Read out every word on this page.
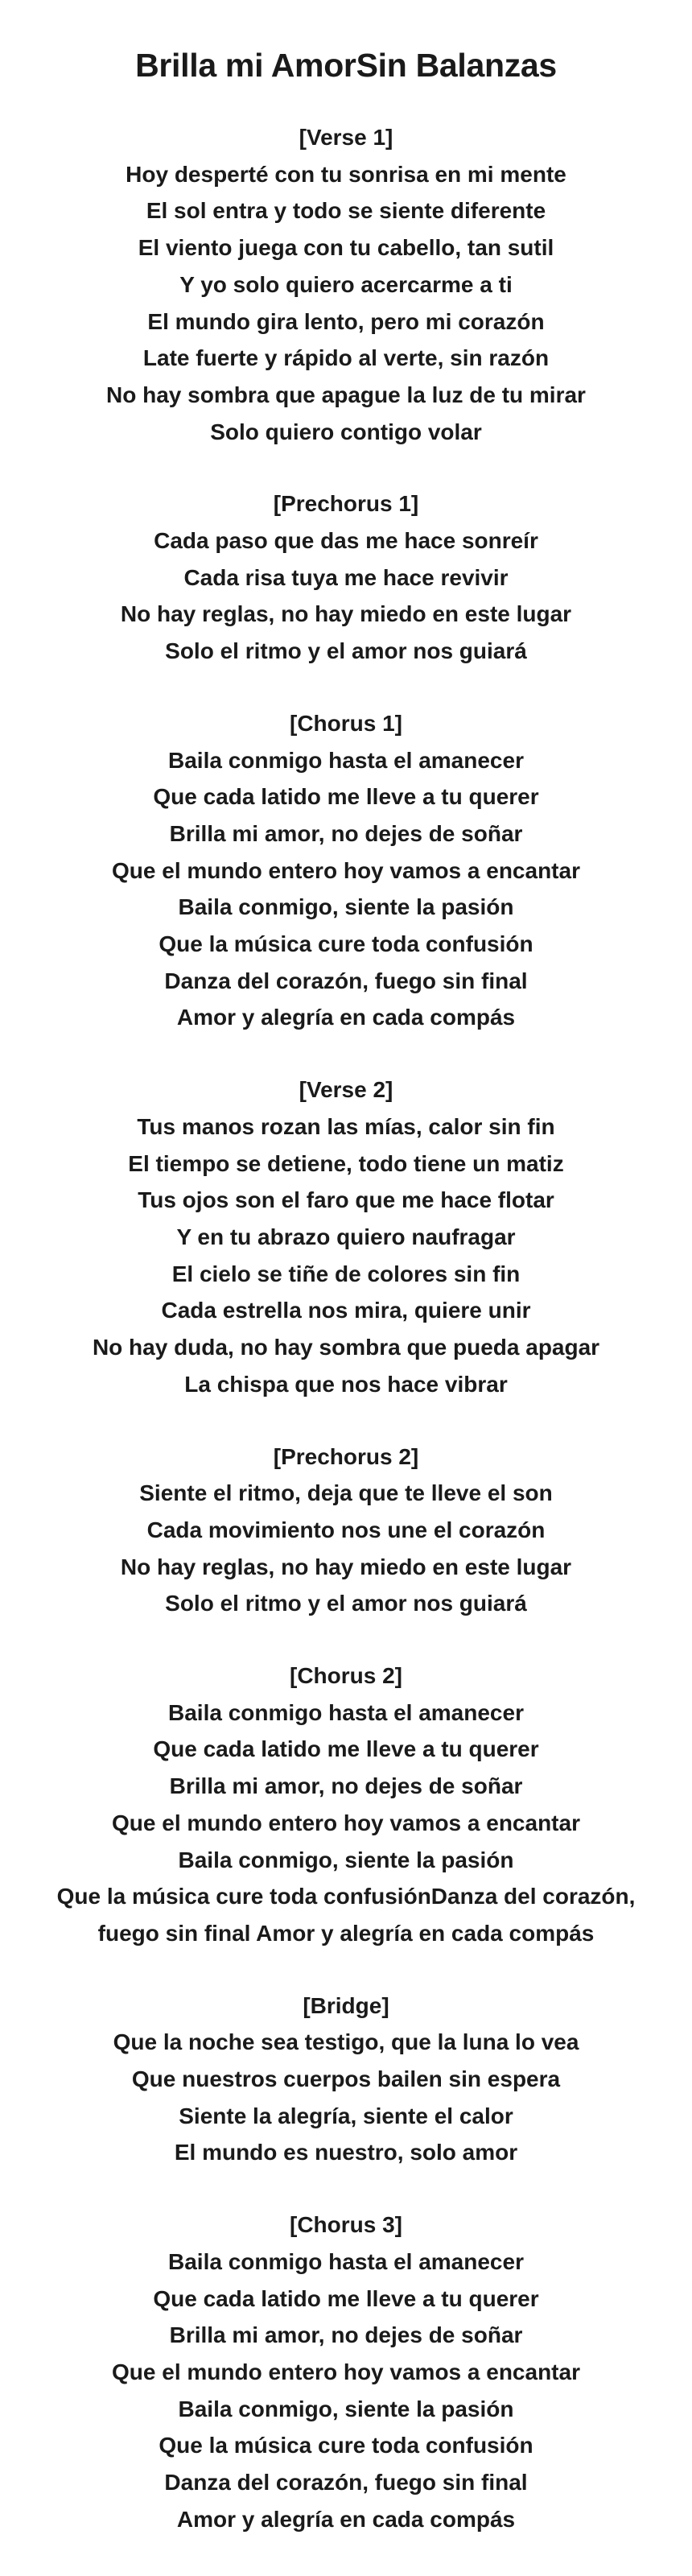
Brilla mi AmorSin Balanzas
[Verse 1]
Hoy desperté con tu sonrisa en mi mente
El sol entra y todo se siente diferente
El viento juega con tu cabello, tan sutil
Y yo solo quiero acercarme a ti
El mundo gira lento, pero mi corazón
Late fuerte y rápido al verte, sin razón
No hay sombra que apague la luz de tu mirar
Solo quiero contigo volar
[Prechorus 1]
Cada paso que das me hace sonreír
Cada risa tuya me hace revivir
No hay reglas, no hay miedo en este lugar
Solo el ritmo y el amor nos guiará
[Chorus 1]
Baila conmigo hasta el amanecer
Que cada latido me lleve a tu querer
Brilla mi amor, no dejes de soñar
Que el mundo entero hoy vamos a encantar
Baila conmigo, siente la pasión
Que la música cure toda confusión
Danza del corazón, fuego sin final
Amor y alegría en cada compás
[Verse 2]
Tus manos rozan las mías, calor sin fin
El tiempo se detiene, todo tiene un matiz
Tus ojos son el faro que me hace flotar
Y en tu abrazo quiero naufragar
El cielo se tiñe de colores sin fin
Cada estrella nos mira, quiere unir
No hay duda, no hay sombra que pueda apagar
La chispa que nos hace vibrar
[Prechorus 2]
Siente el ritmo, deja que te lleve el son
Cada movimiento nos une el corazón
No hay reglas, no hay miedo en este lugar
Solo el ritmo y el amor nos guiará
[Chorus 2]
Baila conmigo hasta el amanecer
Que cada latido me lleve a tu querer
Brilla mi amor, no dejes de soñar
Que el mundo entero hoy vamos a encantar
Baila conmigo, siente la pasión
Que la música cure toda confusiónDanza del corazón,
fuego sin final Amor y alegría en cada compás
[Bridge]
Que la noche sea testigo, que la luna lo vea
Que nuestros cuerpos bailen sin espera
Siente la alegría, siente el calor
El mundo es nuestro, solo amor
[Chorus 3]
Baila conmigo hasta el amanecer
Que cada latido me lleve a tu querer
Brilla mi amor, no dejes de soñar
Que el mundo entero hoy vamos a encantar
Baila conmigo, siente la pasión
Que la música cure toda confusión
Danza del corazón, fuego sin final
Amor y alegría en cada compás
